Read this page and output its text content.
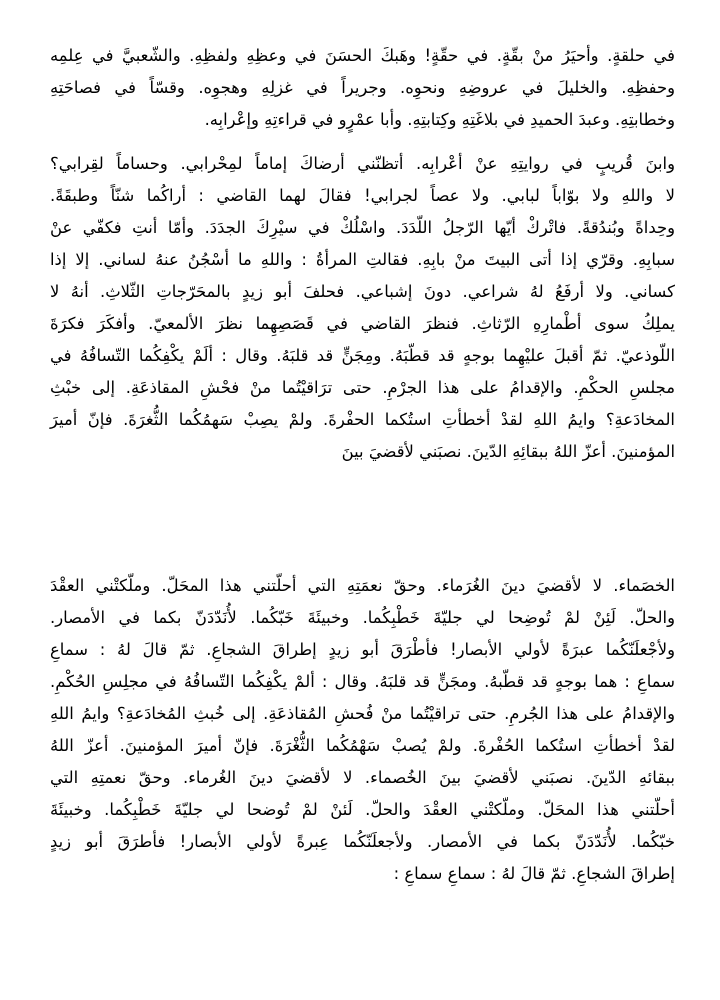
في حلقةٍ. وأحيَرُ منْ بقّةٍ. في حقّةٍ! وهَبكَ الحسَنَ في وعظِهِ ولفظِهِ. والشّعبيَّ في عِلمِه
وحفظِهِ. والخليلَ في عروضِهِ ونحوِه. وجريراً في غزلِهِ وهجوِه. وقسّاً في فصاحَتِهِ
وخطابتِهِ. وعبدَ الحميدِ في بلاغَتِهِ وكِتابتِهِ. وأبا عمْرٍو في قراءتِهِ وإعْرابِه.

وابنَ قُريبٍ في روايتِهِ عنْ أعْرابِه. أتظنّني أرضاكَ إماماً لمِحْرابي. وحساماً لقِرابي؟
لا واللهِ ولا بوّاباً لبابي. ولا عصاً لجرابي! فقالَ لهما القاضي : أراكُما شنّاً وطبقَةً.
وحِداةً وبُندُقةً. فاتْركْ أيّها الرّجلُ اللّدَدَ. واسْلُكْ في سيْرِكَ الجدَدَ. وأمّا أنتِ فكفّي عنْ
سبابِهِ. وقرّي إذا أتى البيتَ منْ بابِهِ. فقالتِ المرأةُ : واللهِ ما أسْجُنُ عنهُ لساني. إلا إذا
كساني. ولا أرفَعُ لهُ شراعي. دونَ إشباعي. فحلفَ أبو زيدٍ بالمحَرّجاتِ الثّلاثِ. أنهُ لا
يملِكُ سوى أطْمارِهِ الرّثاثِ. فنظرَ القاضي في قَصَصِهِما نظرَ الألمعيّ. وأفكَرَ فكرَةَ
اللّوذعيّ. ثمّ أقبلَ عليْهِما بوجهٍ قد قطّبَهُ. ومِجَنٍّ قد قلبَهُ. وقال : ألَمْ يكْفِكُما التّسافُهُ في
مجلسِ الحكْمِ. والإقدامُ على هذا الجرْمِ. حتى ترَاقيْتُما منْ فحْشِ المقاذعَةِ. إلى خبْثِ
المخادَعةِ؟ وايمُ اللهِ لقدْ أخطأتِ استُكما الحفْرةَ. ولمْ يصِبْ سَهمُكُما الثُّغرَةَ. فإنّ أميرَ
المؤمنينَ. أعزّ اللهُ ببقائِهِ الدّينَ. نصبَني لأقضيَ بينَ

الخصَماء. لا لأقضيَ دينَ الغُرَماء. وحقّ نعمَتِهِ التي أحلّتني هذا المحَلّ. وملّكتْني العقْدَ
والحلّ. لَئِنْ لمْ تُوضِحا لي جليّةَ خَطْبِكُما. وخبيئَةَ خَبّكُما. لأُنَدّدَنّ بكما في الأمصار.
ولأجْعلَنّكُما عبرَةً لأولي الأبصار! فأطْرَقَ أبو زيدٍ إطراقَ الشجاعِ. ثمّ قالَ لهُ : سماعِ
سماعِ : هما بوجهٍ قد قطّبهُ. ومجَنٍّ قد قلبَهُ. وقال : ألمْ يكْفِكُما التّسافُهُ في مجلِسِ الحُكْمِ.
والإقدامُ على هذا الجُرمِ. حتى تراقيْتُما منْ فُحشِ المُقاذعَةِ. إلى خُبثِ المُخادَعةِ؟ وايمُ اللهِ
لقدْ أخطأتِ استُكما الحُفْرةَ. ولمْ يُصبْ سَهْمُكُما الثُّغْرَةَ. فإنّ أميرَ المؤمنينَ. أعزّ اللهُ
ببقائهِ الدّينَ. نصبَني لأقضيَ بينَ الخُصماء. لا لأقضيَ دينَ الغُرماء. وحقّ نعمتِهِ التي
أحلّتني هذا المحَلّ. وملّكتْني العقْدَ والحلّ. لَئنْ لمْ تُوضحا لي جليّةَ خَطْبِكُما. وخبيئَةَ
خبّكُما. لأُنَدّدَنّ بكما في الأمصار. ولأجعلَنّكُما عِبرةً لأولي الأبصار! فأطرَقَ أبو زيدٍ
إطراقَ الشجاعِ. ثمّ قالَ لهُ : سماعِ سماعِ :
